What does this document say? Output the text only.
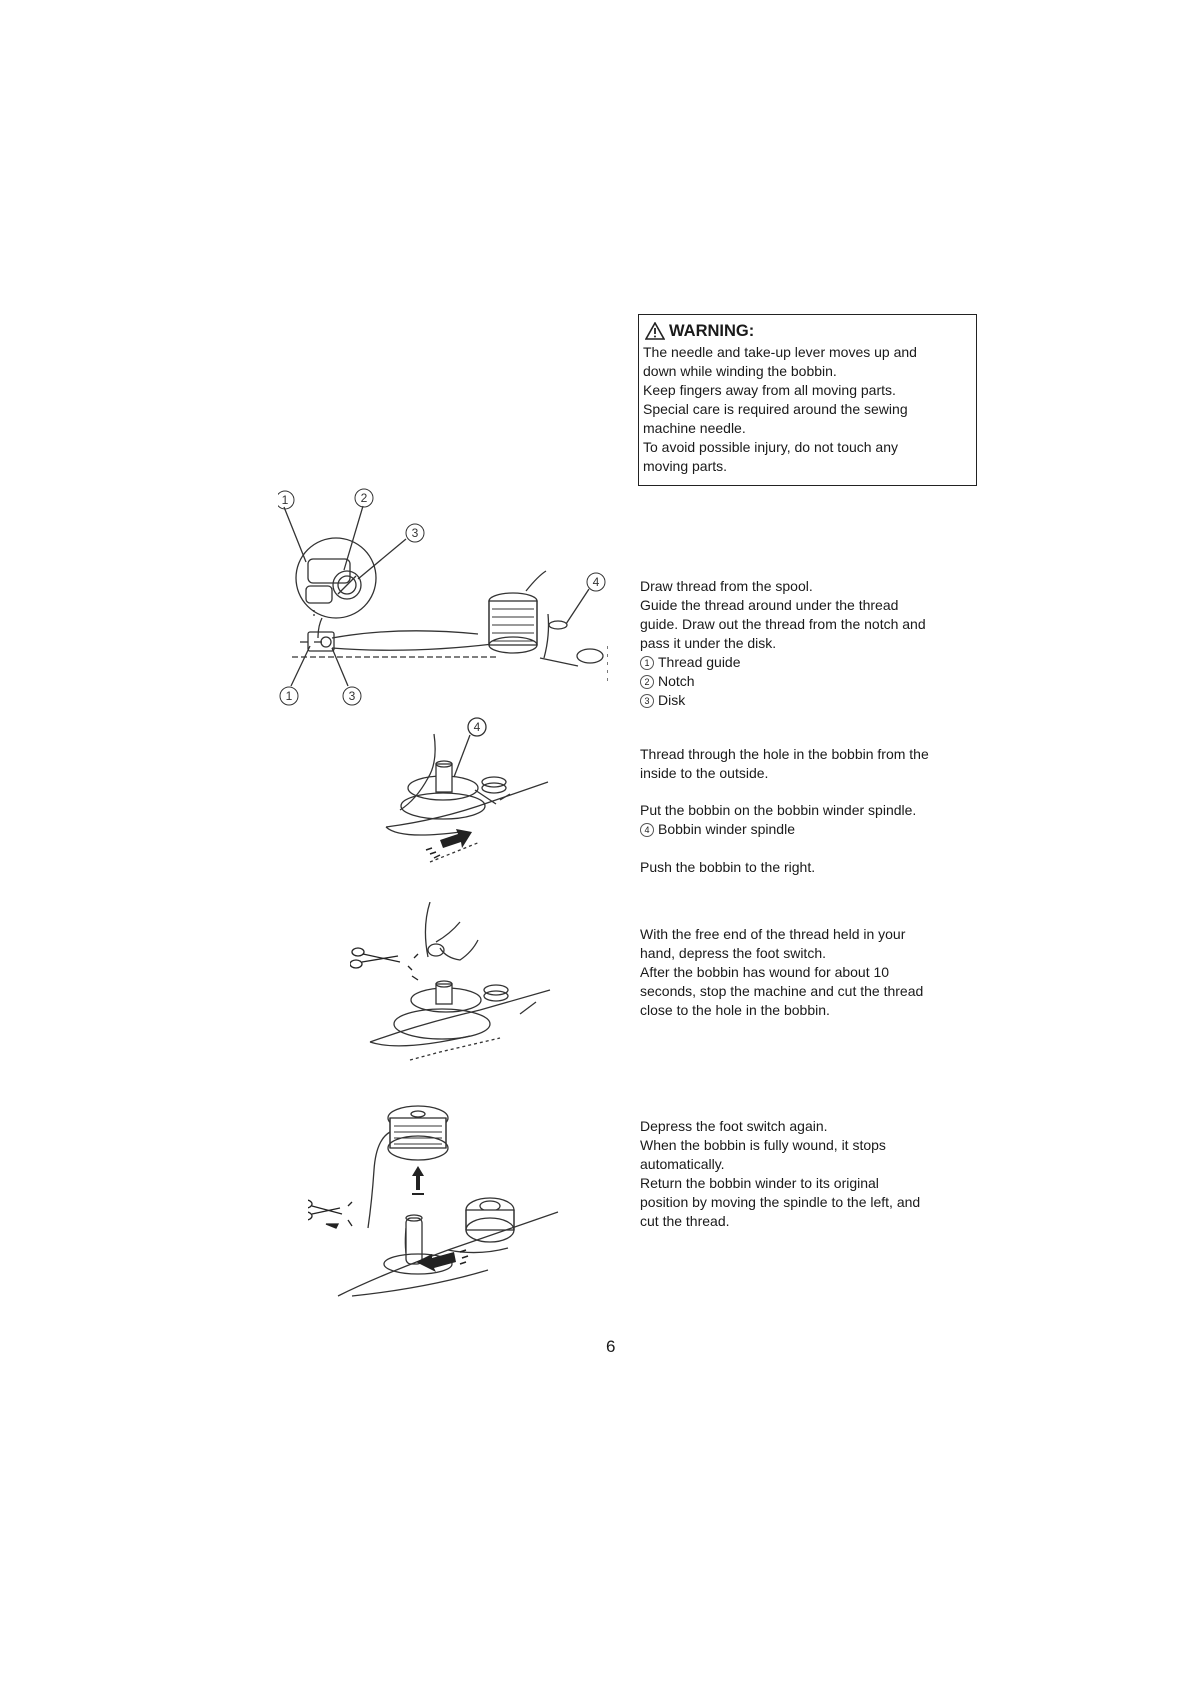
WARNING:

The needle and take-up lever moves up and

down while winding the bobbin.

Keep fingers away from all moving parts.

Special care is required around the sewing

machine needle.

To avoid possible injury, do not touch any

moving parts.

Draw thread from the spool.

Guide the thread around under the thread

guide. Draw out the thread from the notch and

pass it under the disk.

1 Thread guide

2 Notch

3 Disk

Thread through the hole in the bobbin from the

inside to the outside.

Put the bobbin on the bobbin winder spindle.

4 Bobbin winder spindle

Push the bobbin to the right.

With the free end of the thread held in your

hand, depress the foot switch.

After the bobbin has wound for about 10

seconds, stop the machine and cut the thread

close to the hole in the bobbin.

Depress the foot switch again.

When the bobbin is fully wound, it stops

automatically.

Return the bobbin winder to its original

position by moving the spindle to the left, and

cut the thread.

1	2
3
1	3
4
4
6
